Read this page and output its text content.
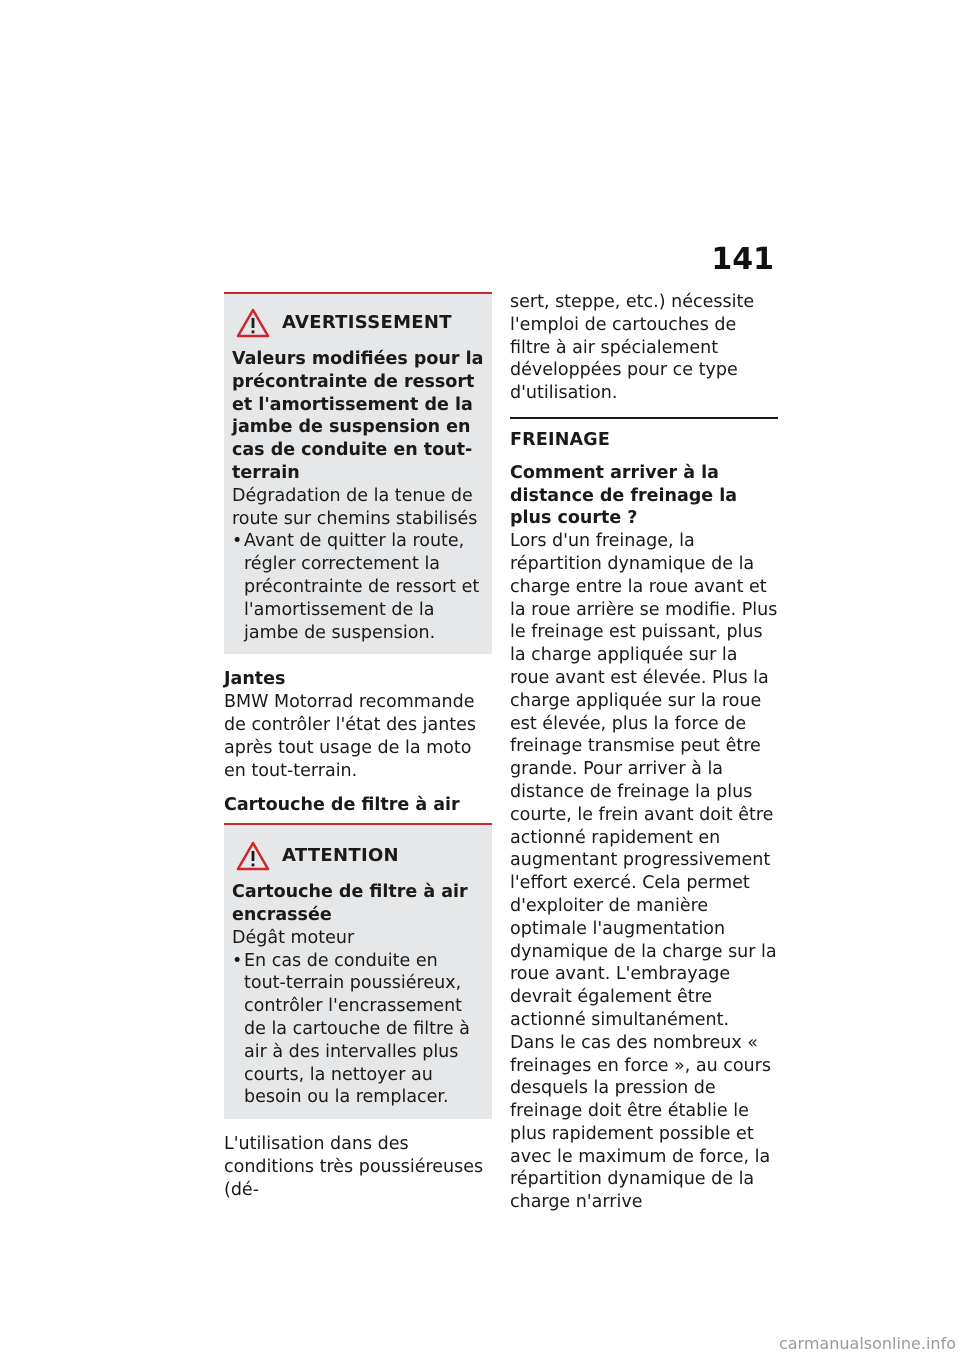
141
AVERTISSEMENT

Valeurs modifiées pour la précontrainte de ressort et l'amortissement de la jambe de suspension en cas de conduite en tout-terrain

Dégradation de la tenue de route sur chemins stabilisés

• Avant de quitter la route, régler correctement la précontrainte de ressort et l'amortissement de la jambe de suspension.

Jantes

BMW Motorrad recommande de contrôler l'état des jantes après tout usage de la moto en tout-terrain.

Cartouche de filtre à air

ATTENTION

Cartouche de filtre à air encrassée

Dégât moteur

• En cas de conduite en tout-terrain poussiéreux, contrôler l'encrassement de la cartouche de filtre à air à des intervalles plus courts, la nettoyer au besoin ou la remplacer.

L'utilisation dans des conditions très poussiéreuses (dé-

sert, steppe, etc.) nécessite l'emploi de cartouches de filtre à air spécialement développées pour ce type d'utilisation.

FREINAGE

Comment arriver à la distance de freinage la plus courte ?

Lors d'un freinage, la répartition dynamique de la charge entre la roue avant et la roue arrière se modifie. Plus le freinage est puissant, plus la charge appliquée sur la roue avant est élevée. Plus la charge appliquée sur la roue est élevée, plus la force de freinage transmise peut être grande. Pour arriver à la distance de freinage la plus courte, le frein avant doit être actionné rapidement en augmentant progressivement l'effort exercé. Cela permet d'exploiter de manière optimale l'augmentation dynamique de la charge sur la roue avant. L'embrayage devrait également être actionné simultanément. Dans le cas des nombreux « freinages en force », au cours desquels la pression de freinage doit être établie le plus rapidement possible et avec le maximum de force, la répartition dynamique de la charge n'arrive

carmanualsonline.info
